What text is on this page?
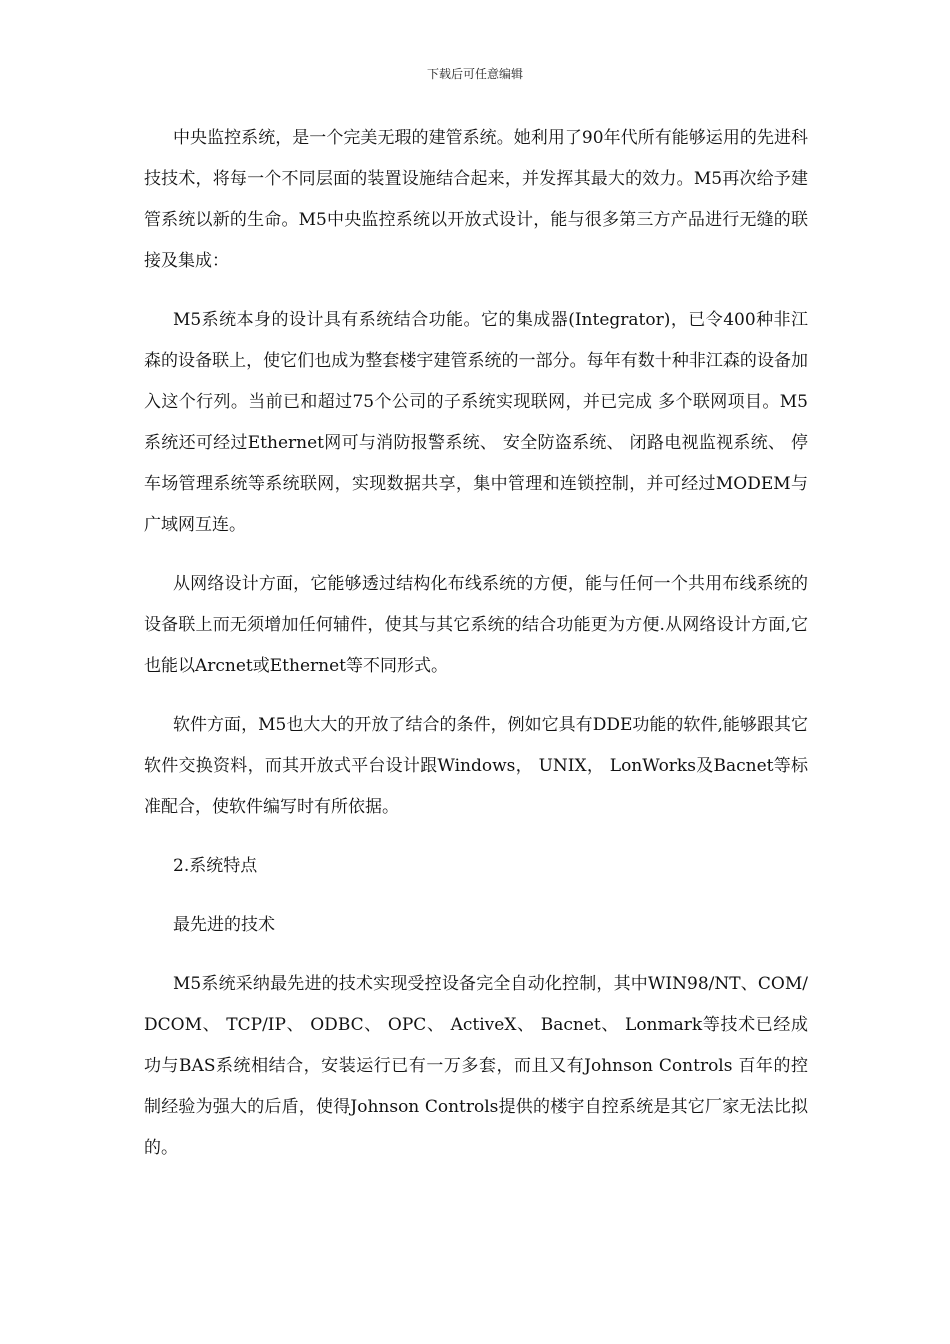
下载后可任意编辑

中央监控系统，是一个完美无瑕的建管系统。她利用了90年代所有能够运用的先进科技技术，将每一个不同层面的装置设施结合起来，并发挥其最大的效力。M5再次给予建管系统以新的生命。M5中央监控系统以开放式设计，能与很多第三方产品进行无缝的联接及集成：

M5系统本身的设计具有系统结合功能。它的集成器(Integrator)，已令400种非江森的设备联上，使它们也成为整套楼宇建管系统的一部分。每年有数十种非江森的设备加入这个行列。当前已和超过75个公司的子系统实现联网，并已完成 多个联网项目。M5系统还可经过Ethernet网可与消防报警系统、 安全防盗系统、 闭路电视监视系统、 停车场管理系统等系统联网，实现数据共享，集中管理和连锁控制，并可经过MODEM与广域网互连。

从网络设计方面，它能够透过结构化布线系统的方便，能与任何一个共用布线系统的设备联上而无须增加任何辅件，使其与其它系统的结合功能更为方便.从网络设计方面,它也能以Arcnet或Ethernet等不同形式。

软件方面，M5也大大的开放了结合的条件，例如它具有DDE功能的软件,能够跟其它软件交换资料，而其开放式平台设计跟Windows， UNIX， LonWorks及Bacnet等标准配合，使软件编写时有所依据。

2.系统特点

最先进的技术

M5系统采纳最先进的技术实现受控设备完全自动化控制，其中WIN98/NT、COM/DCOM、 TCP/IP、 ODBC、 OPC、 ActiveX、 Bacnet、 Lonmark等技术已经成功与BAS系统相结合，安装运行已有一万多套，而且又有Johnson Controls 百年的控制经验为强大的后盾，使得Johnson Controls提供的楼宇自控系统是其它厂家无法比拟的。
